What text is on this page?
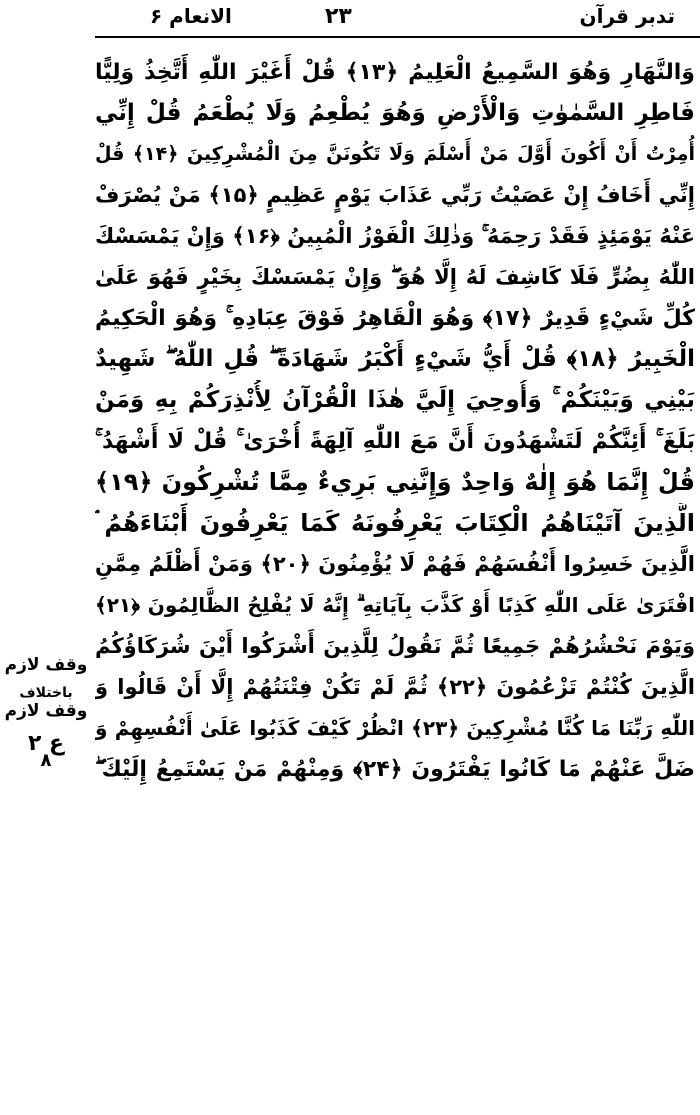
الانعام ۶	۲۳	تدبر قرآن
وَالنَّهَارِ وَهُوَ السَّمِيعُ الْعَلِيمُ ﴿۱۳﴾ قُلْ أَغَيْرَ اللّٰهِ أَتَّخِذُ وَلِيًّا
فَاطِرِ السَّمٰوٰتِ وَالْأَرْضِ وَهُوَ يُطْعِمُ وَلَا يُطْعَمُ قُلْ إِنِّي
أُمِرْتُ أَنْ أَكُونَ أَوَّلَ مَنْ أَسْلَمَ وَلَا تَكُونَنَّ مِنَ الْمُشْرِكِينَ ﴿۱۴﴾ قُلْ
إِنِّي أَخَافُ إِنْ عَصَيْتُ رَبِّي عَذَابَ يَوْمٍ عَظِيمٍ ﴿۱۵﴾ مَنْ يُصْرَفْ
عَنْهُ يَوْمَئِذٍ فَقَدْ رَحِمَهُ ۚ وَذٰلِكَ الْفَوْزُ الْمُبِينُ ﴿۱۶﴾ وَإِنْ يَمْسَسْكَ
اللّٰهُ بِضُرٍّ فَلَا كَاشِفَ لَهُ إِلَّا هُوَ ۖ وَإِنْ يَمْسَسْكَ بِخَيْرٍ فَهُوَ عَلَىٰ
كُلِّ شَيْءٍ قَدِيرٌ ﴿۱۷﴾ وَهُوَ الْقَاهِرُ فَوْقَ عِبَادِهِ ۚ وَهُوَ الْحَكِيمُ
الْخَبِيرُ ﴿۱۸﴾ قُلْ أَيُّ شَيْءٍ أَكْبَرُ شَهَادَةً ۖ قُلِ اللّٰهُ ۖ شَهِيدٌ
بَيْنِي وَبَيْنَكُمْ ۚ وَأُوحِيَ إِلَيَّ هٰذَا الْقُرْآنُ لِأُنْذِرَكُمْ بِهِ وَمَنْ
بَلَغَ ۚ أَئِنَّكُمْ لَتَشْهَدُونَ أَنَّ مَعَ اللّٰهِ آلِهَةً أُخْرَىٰ ۚ قُلْ لَا أَشْهَدُ ۚ
قُلْ إِنَّمَا هُوَ إِلٰهٌ وَاحِدٌ وَإِنَّنِي بَرِيءٌ مِمَّا تُشْرِكُونَ ﴿۱۹﴾
الَّذِينَ آتَيْنَاهُمُ الْكِتَابَ يَعْرِفُونَهُ كَمَا يَعْرِفُونَ أَبْنَاءَهُمُ ۘ
الَّذِينَ خَسِرُوا أَنْفُسَهُمْ فَهُمْ لَا يُؤْمِنُونَ ﴿۲۰﴾ وَمَنْ أَظْلَمُ مِمَّنِ
افْتَرَىٰ عَلَى اللّٰهِ كَذِبًا أَوْ كَذَّبَ بِآيَاتِهِ ۗ إِنَّهُ لَا يُفْلِحُ الظَّالِمُونَ ﴿۲۱﴾
وَيَوْمَ نَحْشُرُهُمْ جَمِيعًا ثُمَّ نَقُولُ لِلَّذِينَ أَشْرَكُوا أَيْنَ شُرَكَاؤُكُمُ
الَّذِينَ كُنْتُمْ تَزْعُمُونَ ﴿۲۲﴾ ثُمَّ لَمْ تَكُنْ فِتْنَتُهُمْ إِلَّا أَنْ قَالُوا وَ
اللّٰهِ رَبِّنَا مَا كُنَّا مُشْرِكِينَ ﴿۲۳﴾ انْظُرْ كَيْفَ كَذَبُوا عَلَىٰ أَنْفُسِهِمْ وَ
ضَلَّ عَنْهُمْ مَا كَانُوا يَفْتَرُونَ ﴿۲۴﴾ وَمِنْهُمْ مَنْ يَسْتَمِعُ إِلَيْكَ ۖ
وقف لازم
باختلاف
وقف لازم
ع ۲
۸
